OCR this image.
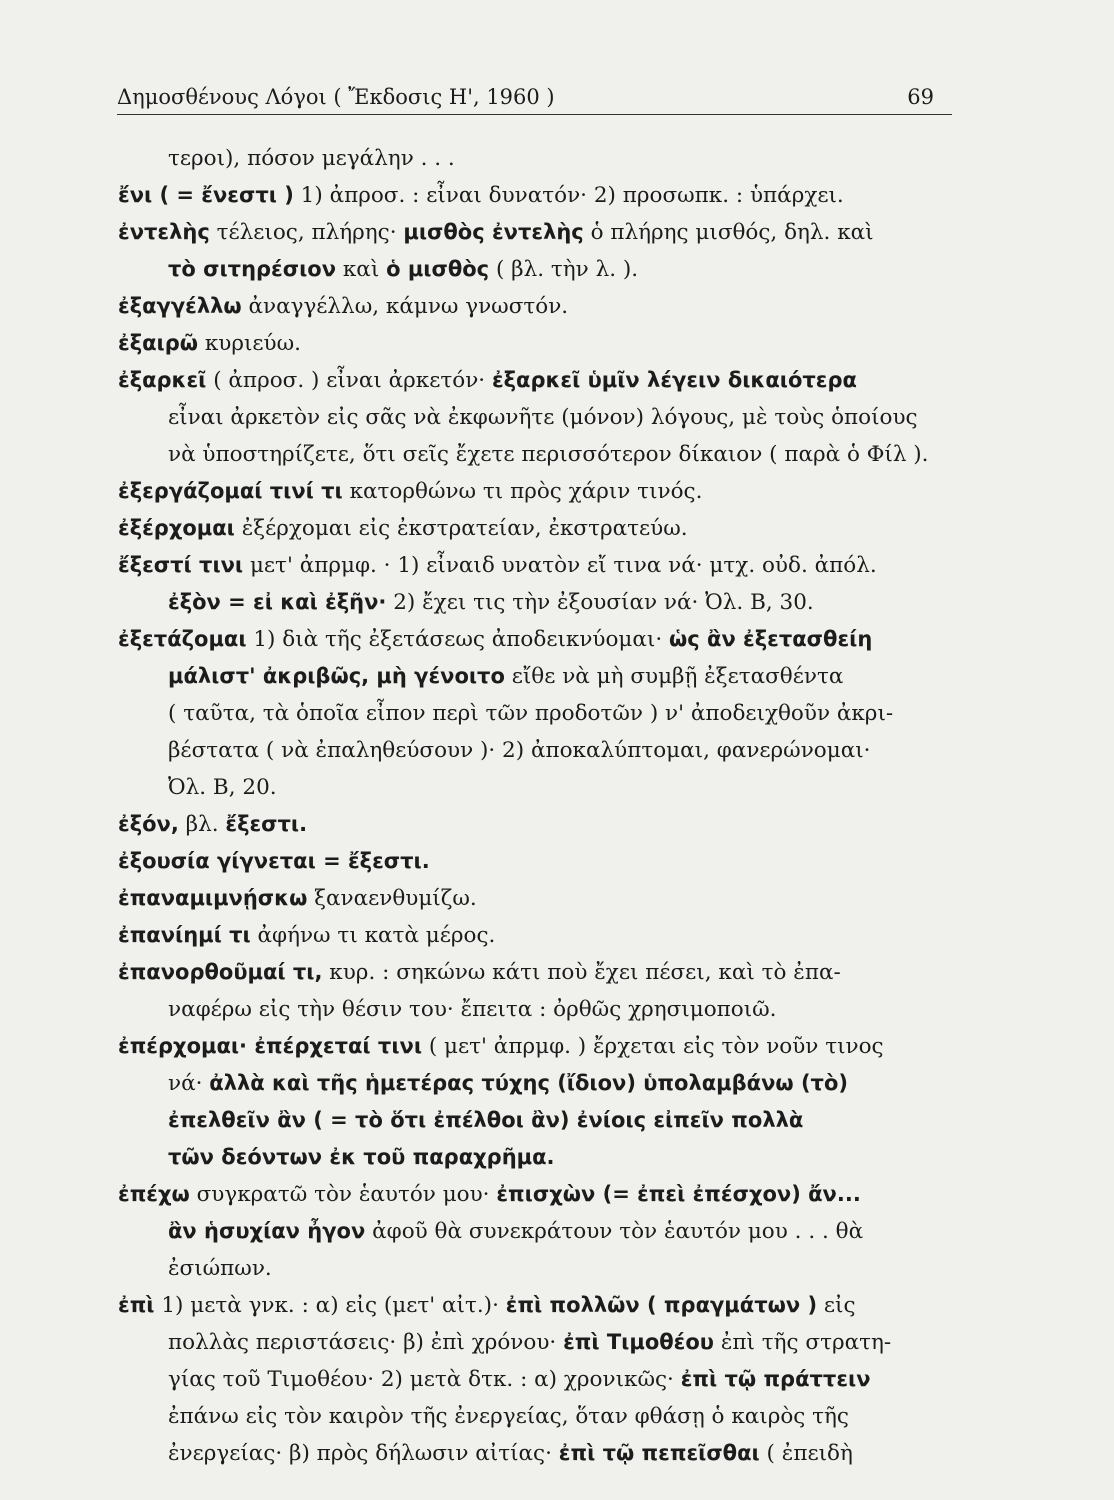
Δημοσθένους Λόγοι ( Ἔκδοσις Η', 1960 )	69
τεροι), πόσον μεγάλην . . .
ἔνι ( = ἔνεστι ) 1) ἀπροσ. : εἶναι δυνατόν· 2) προσωπκ. : ὑπάρχει.
ἐντελὴς τέλειος, πλήρης· μισθὸς ἐντελὴς ὁ πλήρης μισθός, δηλ. καὶ
τὸ σιτηρέσιον καὶ ὁ μισθὸς ( βλ. τὴν λ. ).
ἐξαγγέλλω ἀναγγέλλω, κάμνω γνωστόν.
ἐξαιρῶ κυριεύω.
ἐξαρκεῖ ( ἀπροσ. ) εἶναι ἀρκετόν· ἐξαρκεῖ ὑμῖν λέγειν δικαιότερα
εἶναι ἀρκετὸν εἰς σᾶς νὰ ἐκφωνῆτε (μόνον) λόγους, μὲ τοὺς ὁποίους
νὰ ὑποστηρίζετε, ὅτι σεῖς ἔχετε περισσότερον δίκαιον ( παρὰ ὁ Φίλ ).
ἐξεργάζομαί τινί τι κατορθώνω τι πρὸς χάριν τινός.
ἐξέρχομαι ἐξέρχομαι εἰς ἐκστρατείαν, ἐκστρατεύω.
ἔξεστί τινι μετ' ἀπρμφ. · 1) εἶναιδ υνατὸν εἴ τινα νά· μτχ. οὐδ. ἀπόλ.
ἐξὸν = εἰ καὶ ἐξῆν· 2) ἔχει τις τὴν ἐξουσίαν νά· Ὀλ. Β, 30.
ἐξετάζομαι 1) διὰ τῆς ἐξετάσεως ἀποδεικνύομαι· ὡς ἂν ἐξετασθείη
μάλιστ' ἀκριβῶς, μὴ γένοιτο εἴθε νὰ μὴ συμβῇ ἐξετασθέντα
( ταῦτα, τὰ ὁποῖα εἶπον περὶ τῶν προδοτῶν ) ν' ἀποδειχθοῦν ἀκρι-
βέστατα ( νὰ ἐπαληθεύσουν )· 2) ἀποκαλύπτομαι, φανερώνομαι·
Ὀλ. Β, 20.
ἐξόν, βλ. ἔξεστι.
ἐξουσία γίγνεται = ἔξεστι.
ἐπαναμιμνῄσκω ξαναενθυμίζω.
ἐπανίημί τι ἀφήνω τι κατὰ μέρος.
ἐπανορθοῦμαί τι, κυρ. : σηκώνω κάτι ποὺ ἔχει πέσει, καὶ τὸ ἐπα-
ναφέρω εἰς τὴν θέσιν του· ἔπειτα : ὀρθῶς χρησιμοποιῶ.
ἐπέρχομαι· ἐπέρχεταί τινι ( μετ' ἀπρμφ. ) ἔρχεται εἰς τὸν νοῦν τινος
νά· ἀλλὰ καὶ τῆς ἡμετέρας τύχης (ἴδιον) ὑπολαμβάνω (τὸ)
ἐπελθεῖν ἂν ( = τὸ ὅτι ἐπέλθοι ἂν) ἐνίοις εἰπεῖν πολλὰ
τῶν δεόντων ἐκ τοῦ παραχρῆμα.
ἐπέχω συγκρατῶ τὸν ἑαυτόν μου· ἐπισχὼν (= ἐπεὶ ἐπέσχον) ἄν...
ἂν ἡσυχίαν ἦγον ἀφοῦ θὰ συνεκράτουν τὸν ἑαυτόν μου . . . θὰ
ἐσιώπων.
ἐπὶ 1) μετὰ γνκ. : α) εἰς (μετ' αἰτ.)· ἐπὶ πολλῶν ( πραγμάτων ) εἰς
πολλὰς περιστάσεις· β) ἐπὶ χρόνου· ἐπὶ Τιμοθέου ἐπὶ τῆς στρατη-
γίας τοῦ Τιμοθέου· 2) μετὰ δτκ. : α) χρονικῶς· ἐπὶ τῷ πράττειν
ἐπάνω εἰς τὸν καιρὸν τῆς ἐνεργείας, ὅταν φθάσῃ ὁ καιρὸς τῆς
ἐνεργείας· β) πρὸς δήλωσιν αἰτίας· ἐπὶ τῷ πεπεῖσθαι ( ἐπειδὴ
